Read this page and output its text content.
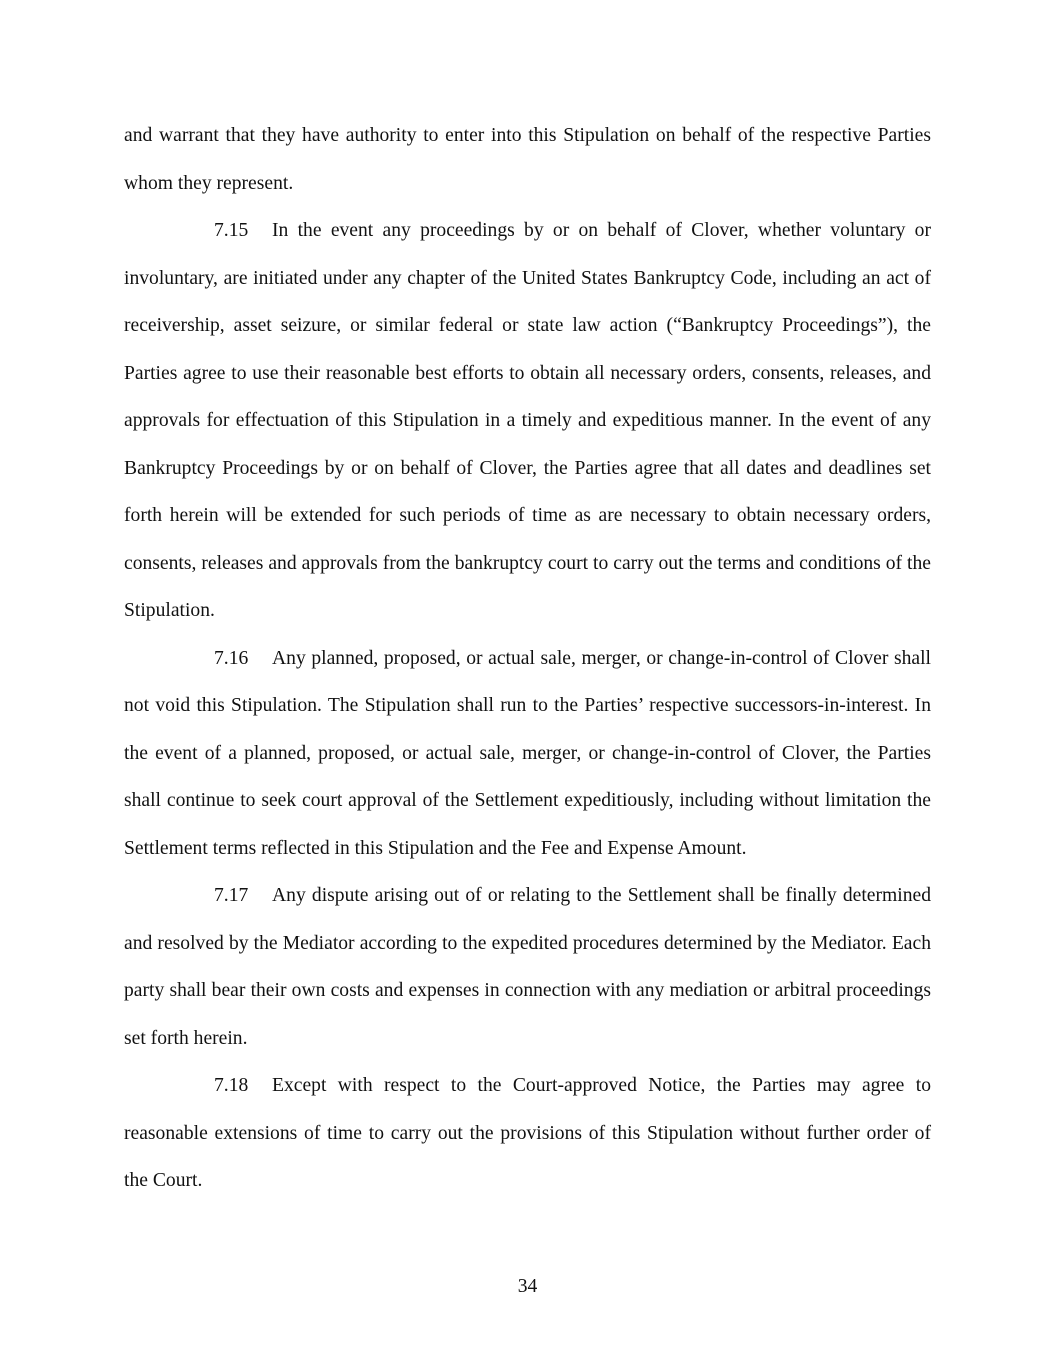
and warrant that they have authority to enter into this Stipulation on behalf of the respective Parties whom they represent.

7.15 In the event any proceedings by or on behalf of Clover, whether voluntary or involuntary, are initiated under any chapter of the United States Bankruptcy Code, including an act of receivership, asset seizure, or similar federal or state law action (“Bankruptcy Proceedings”), the Parties agree to use their reasonable best efforts to obtain all necessary orders, consents, releases, and approvals for effectuation of this Stipulation in a timely and expeditious manner. In the event of any Bankruptcy Proceedings by or on behalf of Clover, the Parties agree that all dates and deadlines set forth herein will be extended for such periods of time as are necessary to obtain necessary orders, consents, releases and approvals from the bankruptcy court to carry out the terms and conditions of the Stipulation.

7.16 Any planned, proposed, or actual sale, merger, or change-in-control of Clover shall not void this Stipulation. The Stipulation shall run to the Parties’ respective successors-in-interest. In the event of a planned, proposed, or actual sale, merger, or change-in-control of Clover, the Parties shall continue to seek court approval of the Settlement expeditiously, including without limitation the Settlement terms reflected in this Stipulation and the Fee and Expense Amount.

7.17 Any dispute arising out of or relating to the Settlement shall be finally determined and resolved by the Mediator according to the expedited procedures determined by the Mediator. Each party shall bear their own costs and expenses in connection with any mediation or arbitral proceedings set forth herein.

7.18 Except with respect to the Court-approved Notice, the Parties may agree to reasonable extensions of time to carry out the provisions of this Stipulation without further order of the Court.

34
